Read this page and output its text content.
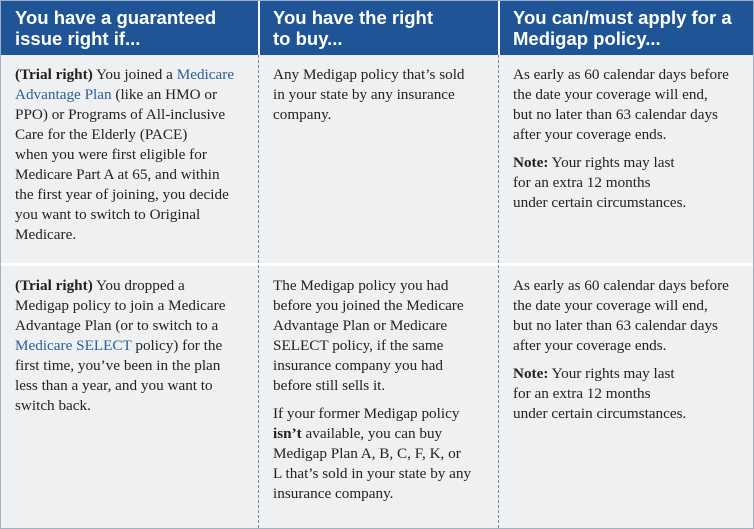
You have a guaranteed
issue right if...
You have the right
to buy...
You can/must apply for a
Medigap policy...

(Trial right) You joined a Medicare
Advantage Plan (like an HMO or
PPO) or Programs of All-inclusive
Care for the Elderly (PACE)
when you were first eligible for
Medicare Part A at 65, and within
the first year of joining, you decide
you want to switch to Original
Medicare.

Any Medigap policy that’s sold
in your state by any insurance
company.

As early as 60 calendar days before
the date your coverage will end,
but no later than 63 calendar days
after your coverage ends.

Note: Your rights may last
for an extra 12 months
under certain circumstances.

(Trial right) You dropped a
Medigap policy to join a Medicare
Advantage Plan (or to switch to a
Medicare SELECT policy) for the
first time, you’ve been in the plan
less than a year, and you want to
switch back.

The Medigap policy you had
before you joined the Medicare
Advantage Plan or Medicare
SELECT policy, if the same
insurance company you had
before still sells it.

If your former Medigap policy
isn’t available, you can buy
Medigap Plan A, B, C, F, K, or
L that’s sold in your state by any
insurance company.

As early as 60 calendar days before
the date your coverage will end,
but no later than 63 calendar days
after your coverage ends.

Note: Your rights may last
for an extra 12 months
under certain circumstances.
